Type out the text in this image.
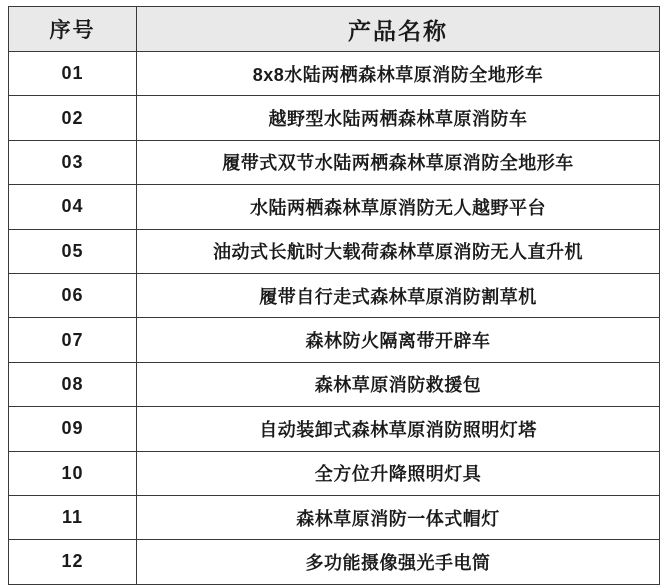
序号	产品名称
01	8x8水陆两栖森林草原消防全地形车
02	越野型水陆两栖森林草原消防车
03	履带式双节水陆两栖森林草原消防全地形车
04	水陆两栖森林草原消防无人越野平台
05	油动式长航时大载荷森林草原消防无人直升机
06	履带自行走式森林草原消防割草机
07	森林防火隔离带开辟车
08	森林草原消防救援包
09	自动装卸式森林草原消防照明灯塔
10	全方位升降照明灯具
11	森林草原消防一体式帽灯
12	多功能摄像强光手电筒
